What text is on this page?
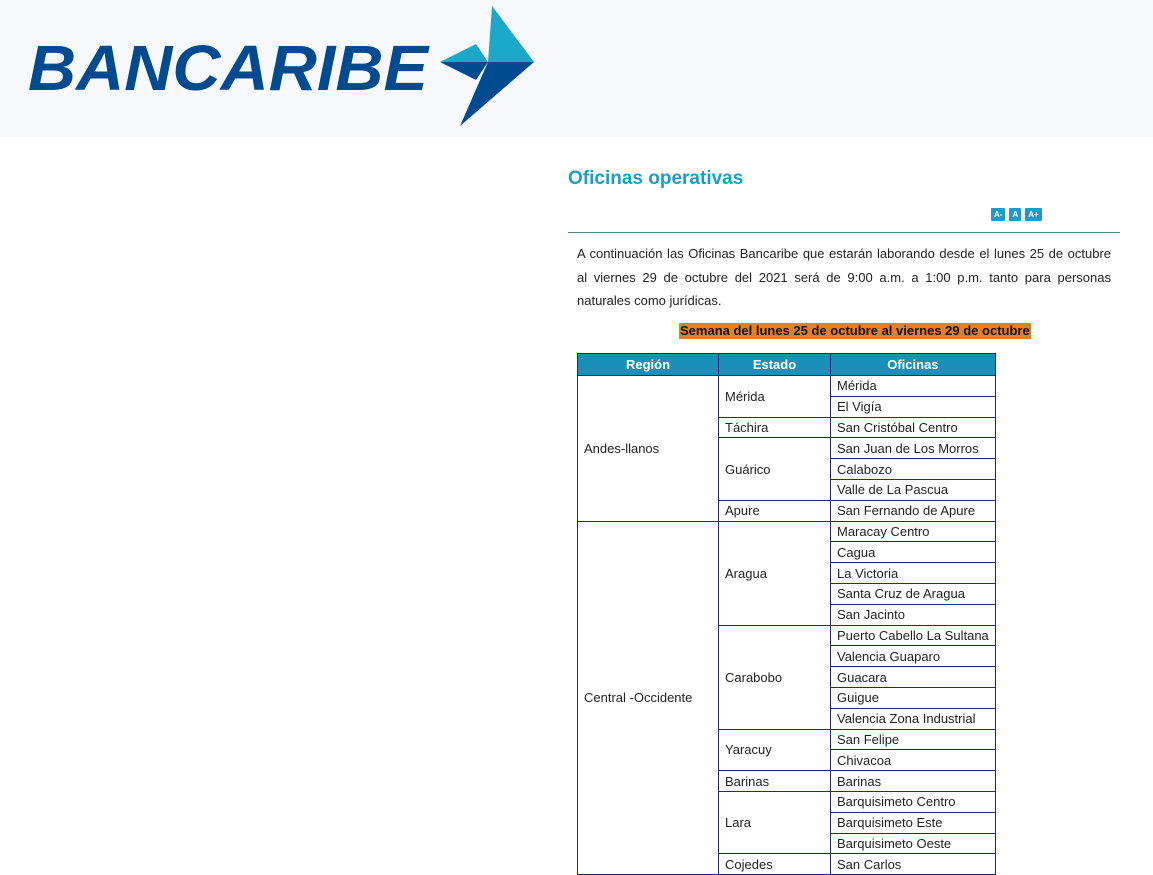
BANCARIBE
Oficinas operativas
A-	A	A+

A continuación las Oficinas Bancaribe que estarán laborando desde el lunes 25 de octubre al viernes 29 de octubre del 2021 será de 9:00 a.m. a 1:00 p.m. tanto para personas naturales como jurídicas.

Semana del lunes 25 de octubre al viernes 29 de octubre
Región	Estado	Oficinas
Andes-llanos	Mérida	Mérida
		El Vigía
	Táchira	San Cristóbal Centro
	Guárico	San Juan de Los Morros
		Calabozo
		Valle de La Pascua
	Apure	San Fernando de Apure
Central -Occidente	Aragua	Maracay Centro
		Cagua
		La Victoria
		Santa Cruz de Aragua
		San Jacinto
	Carabobo	Puerto Cabello La Sultana
		Valencia Guaparo
		Guacara
		Guigue
		Valencia Zona Industrial
	Yaracuy	San Felipe
		Chivacoa
	Barinas	Barinas
	Lara	Barquisimeto Centro
		Barquisimeto Este
		Barquisimeto Oeste
	Cojedes	San Carlos
